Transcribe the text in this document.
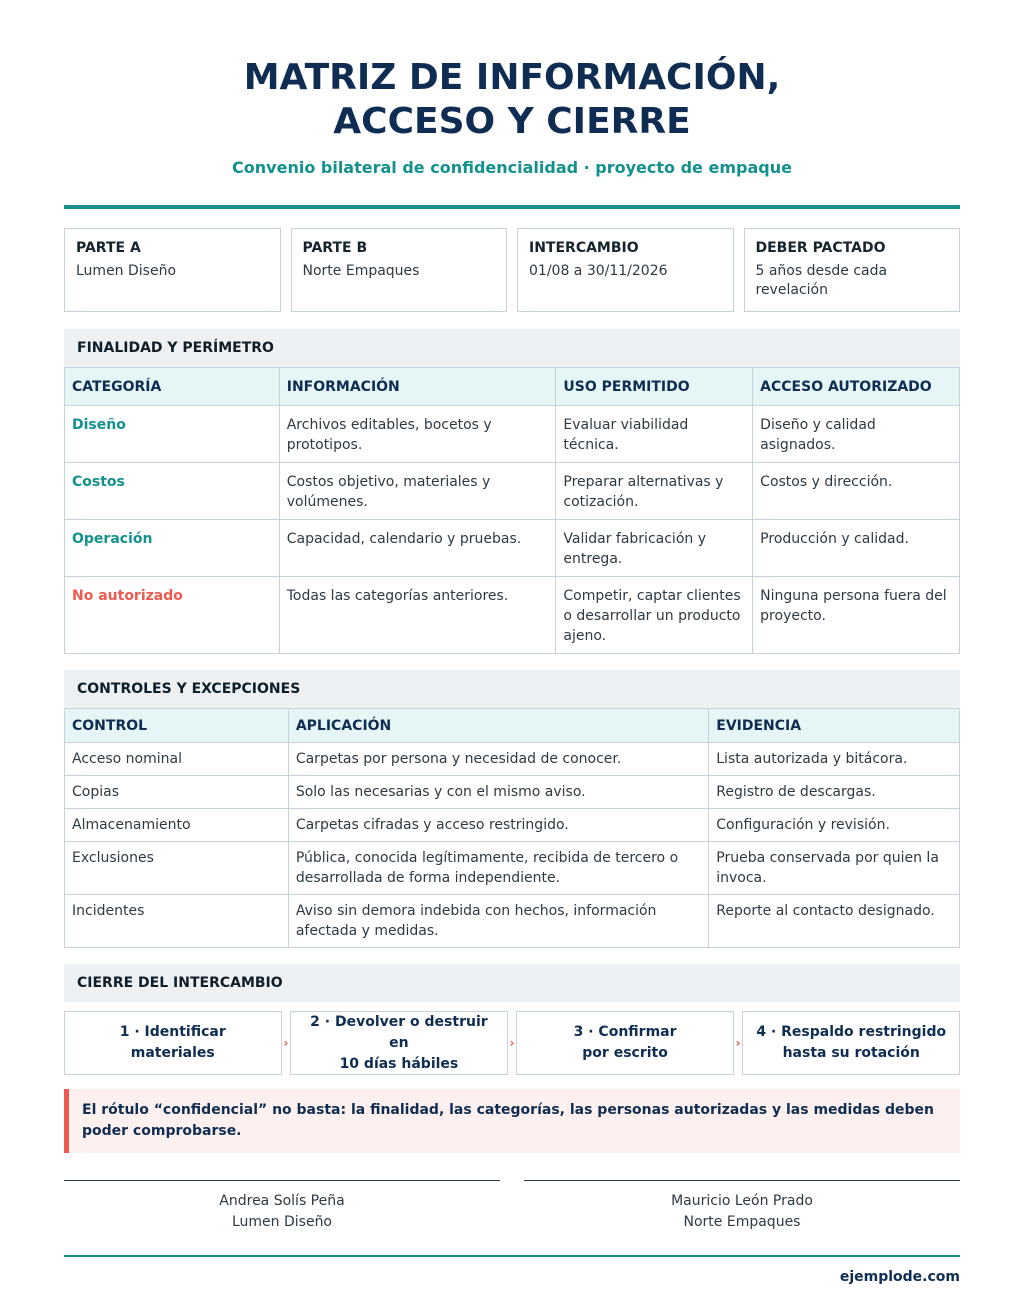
MATRIZ DE INFORMACIÓN,
ACCESO Y CIERRE
Convenio bilateral de confidencialidad · proyecto de empaque
PARTE A
Lumen Diseño
PARTE B
Norte Empaques
INTERCAMBIO
01/08 a 30/11/2026
DEBER PACTADO
5 años desde cada revelación
FINALIDAD Y PERÍMETRO
CATEGORÍA	INFORMACIÓN	USO PERMITIDO	ACCESO AUTORIZADO
Diseño	Archivos editables, bocetos y prototipos.	Evaluar viabilidad técnica.	Diseño y calidad asignados.
Costos	Costos objetivo, materiales y volúmenes.	Preparar alternativas y cotización.	Costos y dirección.
Operación	Capacidad, calendario y pruebas.	Validar fabricación y entrega.	Producción y calidad.
No autorizado	Todas las categorías anteriores.	Competir, captar clientes o desarrollar un producto ajeno.	Ninguna persona fuera del proyecto.
CONTROLES Y EXCEPCIONES
CONTROL	APLICACIÓN	EVIDENCIA
Acceso nominal	Carpetas por persona y necesidad de conocer.	Lista autorizada y bitácora.
Copias	Solo las necesarias y con el mismo aviso.	Registro de descargas.
Almacenamiento	Carpetas cifradas y acceso restringido.	Configuración y revisión.
Exclusiones	Pública, conocida legítimamente, recibida de tercero o desarrollada de forma independiente.	Prueba conservada por quien la invoca.
Incidentes	Aviso sin demora indebida con hechos, información afectada y medidas.	Reporte al contacto designado.
CIERRE DEL INTERCAMBIO
1 · Identificar
materiales
›
2 · Devolver o destruir en
10 días hábiles
›
3 · Confirmar
por escrito
›
4 · Respaldo restringido
hasta su rotación
El rótulo “confidencial” no basta: la finalidad, las categorías, las personas autorizadas y las medidas deben poder comprobarse.
Andrea Solís Peña
Lumen Diseño
Mauricio León Prado
Norte Empaques
ejemplode.com
